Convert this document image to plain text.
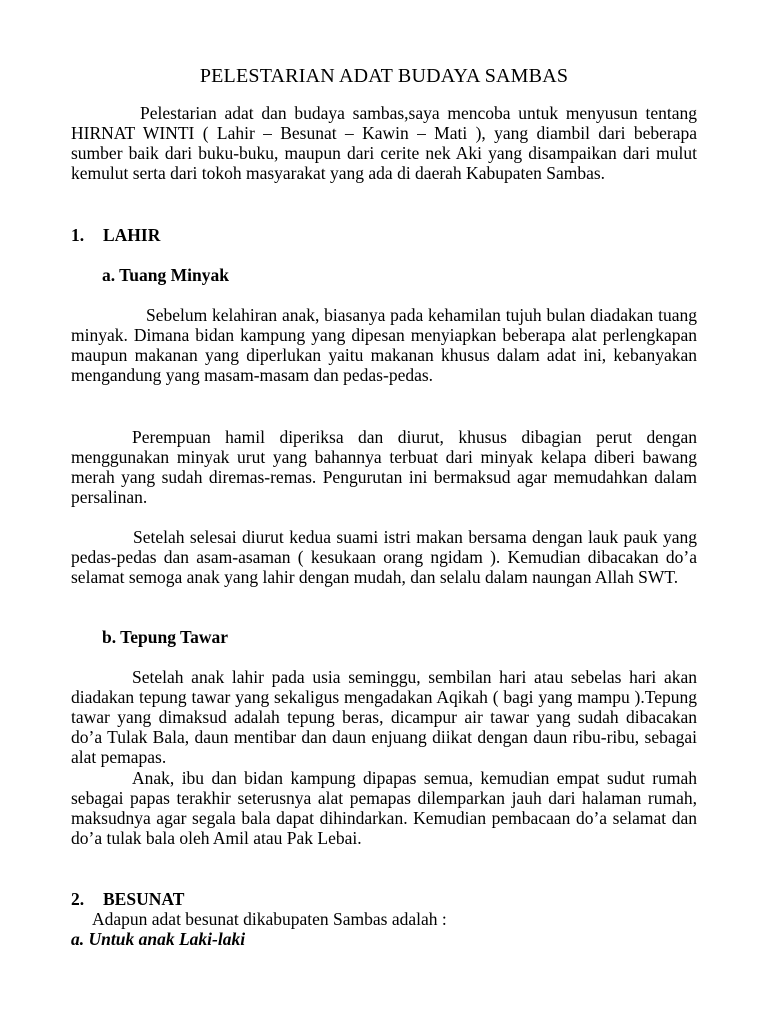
PELESTARIAN ADAT BUDAYA SAMBAS

Pelestarian adat dan budaya sambas,saya mencoba untuk menyusun tentang HIRNAT WINTI ( Lahir – Besunat – Kawin – Mati ), yang diambil dari beberapa sumber baik dari buku-buku, maupun dari cerite nek Aki yang disampaikan dari mulut kemulut serta dari tokoh masyarakat yang ada di daerah Kabupaten Sambas.

1. LAHIR
a. Tuang Minyak

Sebelum kelahiran anak, biasanya pada kehamilan tujuh bulan diadakan tuang minyak. Dimana bidan kampung yang dipesan menyiapkan beberapa alat perlengkapan maupun makanan yang diperlukan yaitu makanan khusus dalam adat ini, kebanyakan mengandung yang masam-masam dan pedas-pedas.

Perempuan hamil diperiksa dan diurut, khusus dibagian perut dengan menggunakan minyak urut yang bahannya terbuat dari minyak kelapa diberi bawang merah yang sudah diremas-remas. Pengurutan ini bermaksud agar memudahkan dalam persalinan.

Setelah selesai diurut kedua suami istri makan bersama dengan lauk pauk yang pedas-pedas dan asam-asaman ( kesukaan orang ngidam ). Kemudian dibacakan do’a selamat semoga anak yang lahir dengan mudah, dan selalu dalam naungan Allah SWT.

b. Tepung Tawar

Setelah anak lahir pada usia seminggu, sembilan hari atau sebelas hari akan diadakan tepung tawar yang sekaligus mengadakan Aqikah ( bagi yang mampu ).Tepung tawar yang dimaksud adalah tepung beras, dicampur air tawar yang sudah dibacakan do’a Tulak Bala, daun mentibar dan daun enjuang diikat dengan daun ribu-ribu, sebagai alat pemapas.

Anak, ibu dan bidan kampung dipapas semua, kemudian empat sudut rumah sebagai papas terakhir seterusnya alat pemapas dilemparkan jauh dari halaman rumah, maksudnya agar segala bala dapat dihindarkan. Kemudian pembacaan do’a selamat dan do’a tulak bala oleh Amil atau Pak Lebai.

2. BESUNAT
Adapun adat besunat dikabupaten Sambas adalah :
a. Untuk anak Laki-laki
